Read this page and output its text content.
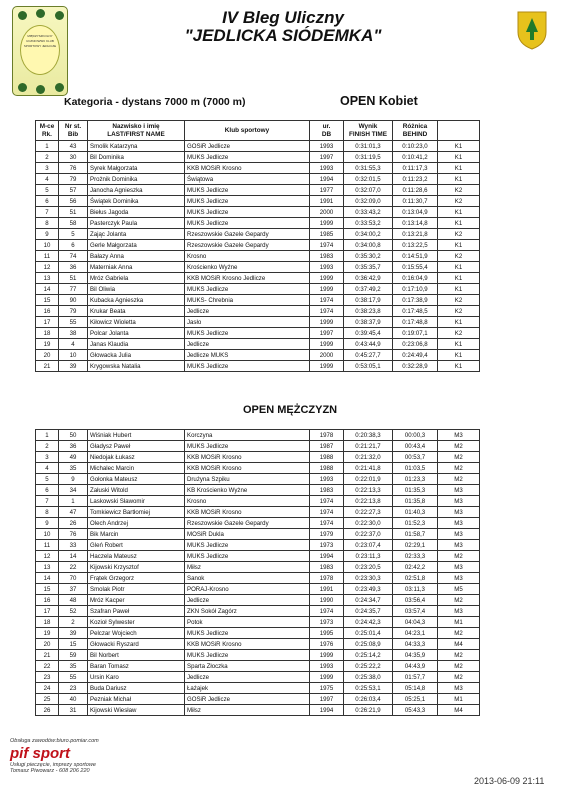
MIĘDZYSZKOLNY UCZNIOWSKI KLUB SPORTOWY JEDLICZE
IV Bleg Uliczny
"JEDLICKA SIÓDEMKA"
Kategoria - dystans 7000 m (7000 m)	OPEN Kobiet
M-ce
Rk.	Nr st.
Bib	Nazwisko i imię
LAST/FIRST NAME	Klub sportowy	ur.
DB	Wynik
FINISH TIME	Różnica
BEHIND	
1	43	Smolik Katarzyna	GOSiR Jedlicze	1993	0:31:01,3	0:10:23,0	K1
2	30	Bil Dominika	MUKS Jedlicze	1997	0:31:19,5	0:10:41,2	K1
3	76	Syrek Małgorzata	KKB MOSiR Krosno	1993	0:31:55,3	0:11:17,3	K1
4	79	Prożnik Dominika	Świątowa	1994	0:32:01,5	0:11:23,2	K1
5	57	Janocha Agnieszka	MUKS Jedlicze	1977	0:32:07,0	0:11:28,6	K2
6	56	Świątek Dominika	MUKS Jedlicze	1991	0:32:09,0	0:11:30,7	K2
7	51	Biełus Jagoda	MUKS Jedlicze	2000	0:33:43,2	0:13:04,9	K1
8	58	Pasterczyk Paula	MUKS Jedlicze	1999	0:33:53,2	0:13:14,8	K1
9	5	Zając Jolanta	Rzeszowskie Gazele Gepardy	1985	0:34:00,2	0:13:21,8	K2
10	6	Gerle Małgorzata	Rzeszowskie Gazele Gepardy	1974	0:34:00,8	0:13:22,5	K1
11	74	Bałazy Anna	Krosno	1983	0:35:30,2	0:14:51,9	K2
12	36	Materniak Anna	Krościenko Wyżne	1993	0:35:35,7	0:15:55,4	K1
13	51	Mróz Gabriela	KKB MOSiR Krosno Jedlicze	1999	0:36:42,9	0:16:04,9	K1
14	77	Bil Oliwia	MUKS Jedlicze	1999	0:37:49,2	0:17:10,9	K1
15	90	Kubacka Agnieszka	MUKS- Chrebnia	1974	0:38:17,9	0:17:38,9	K2
16	79	Krukar Beata	Jedlicze	1974	0:38:23,8	0:17:48,5	K2
17	55	Kiłowicz Wioletta	Jasło	1999	0:38:37,9	0:17:48,8	K1
18	38	Polcar Jolanta	MUKS Jedlicze	1997	0:39:45,4	0:19:07,1	K2
19	4	Janas Klaudia	Jedlicze	1999	0:43:44,9	0:23:06,8	K1
20	10	Głowacka Julia	Jedlicze MUKS	2000	0:45:27,7	0:24:49,4	K1
21	39	Krygowska Natalia	MUKS Jedlicze	1999	0:53:05,1	0:32:28,9	K1
OPEN MĘŻCZYZN
1	50	Wiśniak Hubert	Korczyna	1978	0:20:38,3	00:00,3	M3
2	36	Gładysz Paweł	MUKS Jedlicze	1987	0:21:21,7	00:43,4	M2
3	49	Niedojak Łukasz	KKB MOSiR Krosno	1988	0:21:32,0	00:53,7	M2
4	35	Michalec Marcin	KKB MOSiR Krosno	1988	0:21:41,8	01:03,5	M2
5	9	Gołonka Mateusz	Drużyna Szpiku	1993	0:22:01,9	01:23,3	M2
6	34	Załuski Witold	KB Krościenko Wyżne	1983	0:22:13,3	01:35,3	M3
7	1	Laskowski Sławomir	Krosno	1974	0:22:13,8	01:35,8	M3
8	47	Tomkiewicz Bartłomiej	KKB MOSiR Krosno	1974	0:22:27,3	01:40,3	M3
9	26	Olech Andrzej	Rzeszowskie Gazele Gepardy	1974	0:22:30,0	01:52,3	M3
10	76	Bik Marcin	MOSiR Dukla	1979	0:22:37,0	01:58,7	M3
11	33	Gleń Robert	MUKS Jedlicze	1973	0:23:07,4	02:29,1	M3
12	14	Haczela Mateusz	MUKS Jedlicze	1994	0:23:11,3	02:33,3	M2
13	22	Kijowski Krzysztof	Miłsz	1983	0:23:20,5	02:42,2	M3
14	70	Frątek Grzegorz	Sanok	1978	0:23:30,3	02:51,8	M3
15	37	Smolak Piotr	PORAJ-Krosno	1991	0:23:49,3	03:11,3	M5
16	48	Mróz Kacper	Jedlicze	1990	0:24:34,7	03:56,4	M2
17	52	Szafran Paweł	ZKN Sokół Zagórz	1974	0:24:35,7	03:57,4	M3
18	2	Kozioł Sylwester	Potok	1973	0:24:42,3	04:04,3	M1
19	39	Pelczar Wojciech	MUKS Jedlicze	1995	0:25:01,4	04:23,1	M2
20	15	Głowacki Ryszard	KKB MOSiR Krosno	1976	0:25:08,9	04:33,3	M4
21	59	Bil Norbert	MUKS Jedlicze	1999	0:25:14,2	04:35,9	M2
22	35	Baran Tomasz	Sparta Złoczka	1993	0:25:22,2	04:43,9	M2
23	55	Ursin Karo	Jedlicze	1999	0:25:38,0	01:57,7	M2
24	23	Buda Dariusz	Łażajek	1975	0:25:53,1	05:14,8	M3
25	40	Pezniak Michał	GOSiR Jedlicze	1997	0:26:03,4	05:25,1	M1
26	31	Kijowski Wiesław	Miłsz	1994	0:26:21,9	05:43,3	M4
Obsługa zawodów:biuro.pomiar.com
pif sport
Usługi pieczęcie, imprezy sportowe
Tomasz Piwowarz - 608 206 220
2013-06-09 21:11
